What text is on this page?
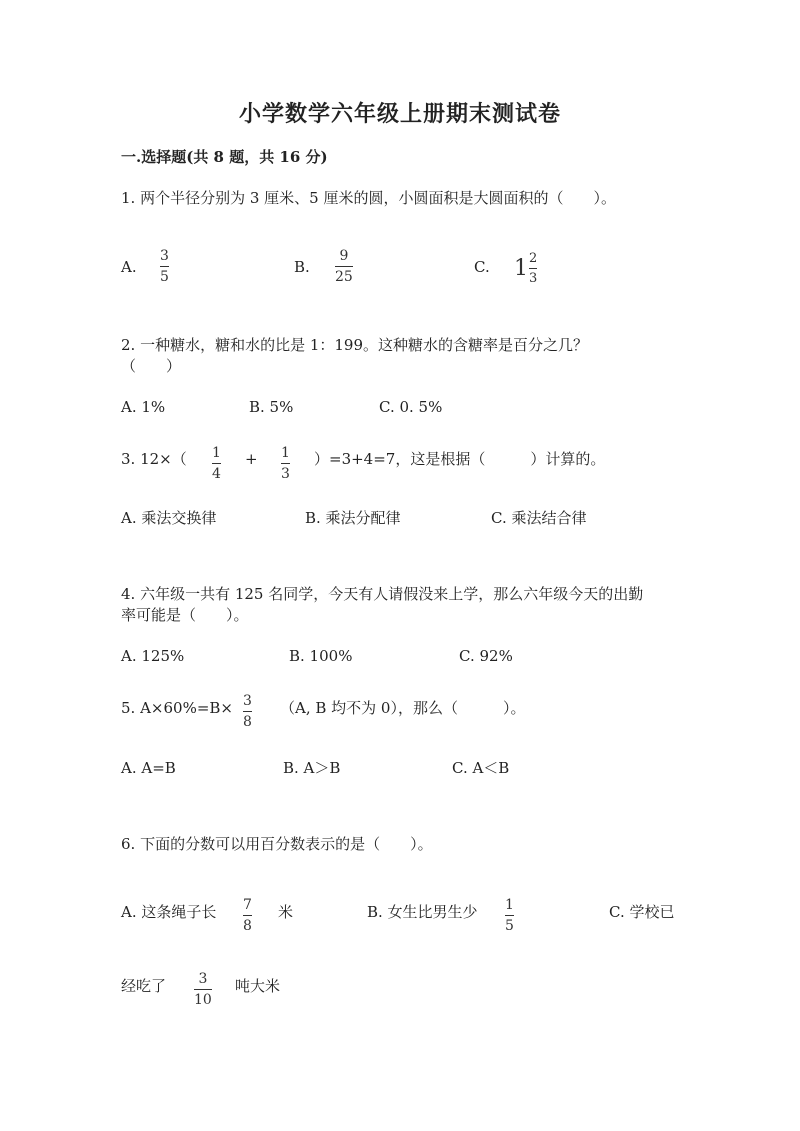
小学数学六年级上册期末测试卷
一.选择题(共 8 题，共 16 分)
1. 两个半径分别为 3 厘米、5 厘米的圆，小圆面积是大圆面积的（　　）。
A.
3
5
B.
9
25
C. $1 \frac{2}{3}$
2. 一种糖水，糖和水的比是 1：199。这种糖水的含糖率是百分之几？
（　　）
A. 1%	B. 5%	C. 0. 5%
3. 12×（ 1
4
+ 1
3
）=3+4=7，这是根据（　　　）计算的。
A. 乘法交换律	B. 乘法分配律	C. 乘法结合律
4. 六年级一共有 125 名同学，今天有人请假没来上学，那么六年级今天的出勤
率可能是（　　）。
A. 125%	B. 100%	C. 92%
5. A×60%=B× 3
8
（A, B 均不为 0），那么（　　　）。
A. A=B	B. A＞B	C. A＜B
6. 下面的分数可以用百分数表示的是（　　）。
A. 这条绳子长 7
8
米	B. 女生比男生少 1
5
C. 学校已
经吃了 3
10
吨大米
